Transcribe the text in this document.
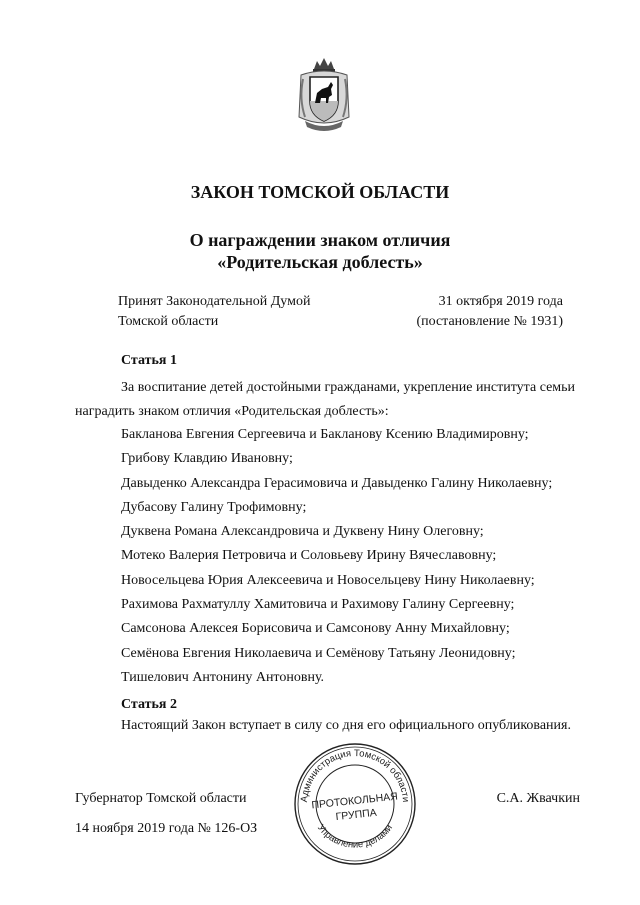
ЗАКОН ТОМСКОЙ ОБЛАСТИ
О награждении знаком отличия
«Родительская доблесть»
Принят Законодательной Думой
Томской области
31 октября 2019 года
(постановление № 1931)
Статья 1
За воспитание детей достойными гражданами, укрепление института семьи
наградить знаком отличия «Родительская доблесть»:
Бакланова Евгения Сергеевича и Бакланову Ксению Владимировну;
Грибову Клавдию Ивановну;
Давыденко Александра Герасимовича и Давыденко Галину Николаевну;
Дубасову Галину Трофимовну;
Дуквена Романа Александровича и Дуквену Нину Олеговну;
Мотеко Валерия Петровича и Соловьеву Ирину Вячеславовну;
Новосельцева Юрия Алексеевича и Новосельцеву Нину Николаевну;
Рахимова Рахматуллу Хамитовича и Рахимову Галину Сергеевну;
Самсонова Алексея Борисовича и Самсонову Анну Михайловну;
Семёнова Евгения Николаевича и Семёнову Татьяну Леонидовну;
Тишелович Антонину Антоновну.
Статья 2
Настоящий Закон вступает в силу со дня его официального опубликования.
Губернатор Томской области	С.А. Жвачкин
14 ноября 2019 года № 126-ОЗ
Администрация Томской области
Управление делами
ПРОТОКОЛЬНАЯ
ГРУППА
